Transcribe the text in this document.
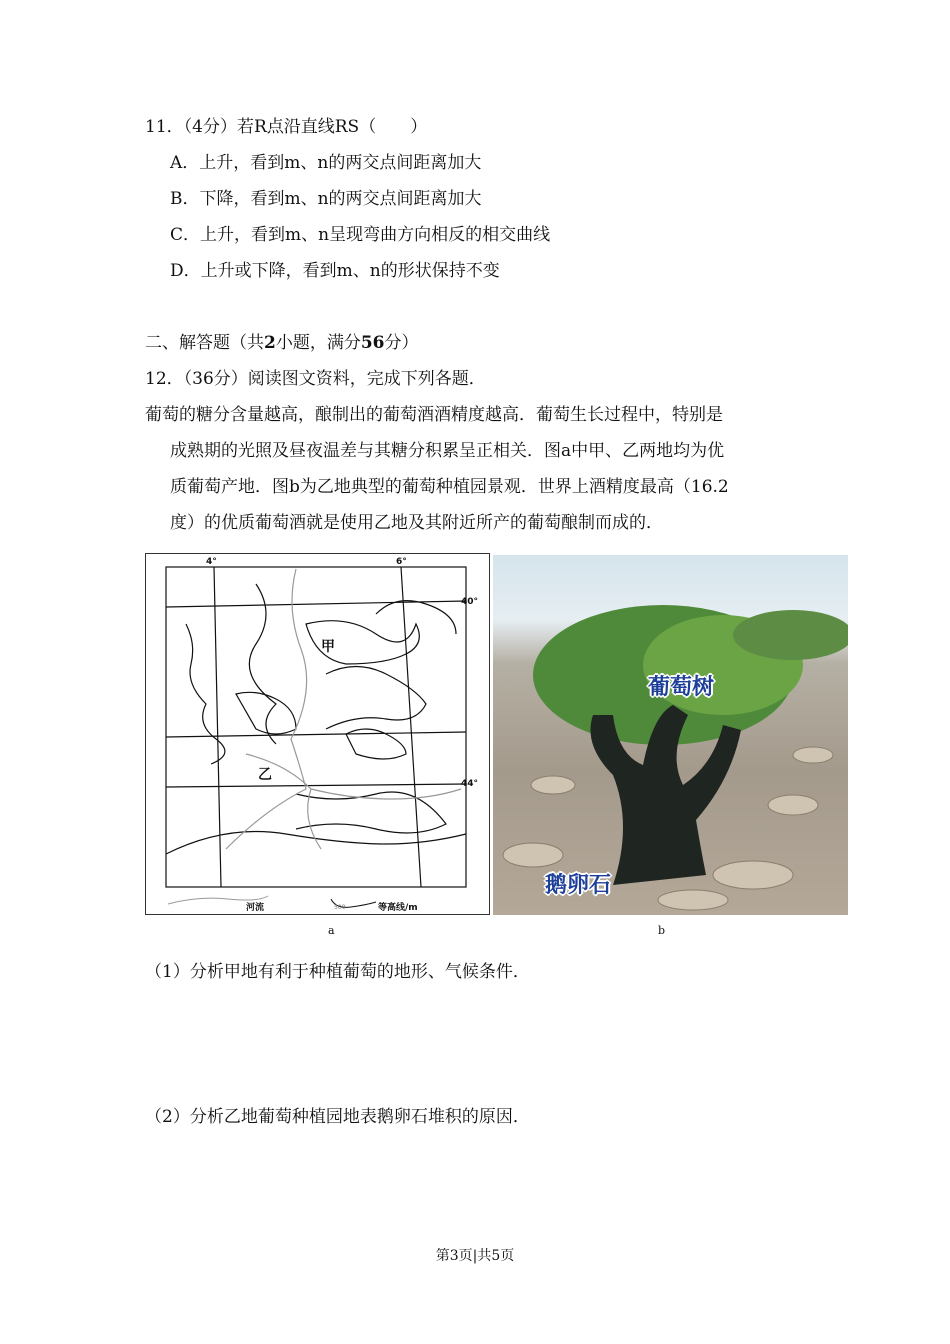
11．（4分）若R点沿直线RS（　　）
A．上升，看到m、n的两交点间距离加大
B．下降，看到m、n的两交点间距离加大
C．上升，看到m、n呈现弯曲方向相反的相交曲线
D．上升或下降，看到m、n的形状保持不变
二、解答题（共2小题，满分56分）
12．（36分）阅读图文资料，完成下列各题．
葡萄的糖分含量越高，酿制出的葡萄酒酒精度越高．葡萄生长过程中，特别是
成熟期的光照及昼夜温差与其糖分积累呈正相关．图a中甲、乙两地均为优
质葡萄产地．图b为乙地典型的葡萄种植园景观．世界上酒精度最高（16.2
度）的优质葡萄酒就是使用乙地及其附近所产的葡萄酿制而成的．
4°	6°
40°
44°
甲
乙
河流	500	等高线/m
a
葡萄树
鹅卵石
b
（1）分析甲地有利于种植葡萄的地形、气候条件．
（2）分析乙地葡萄种植园地表鹅卵石堆积的原因．
第3页|共5页
